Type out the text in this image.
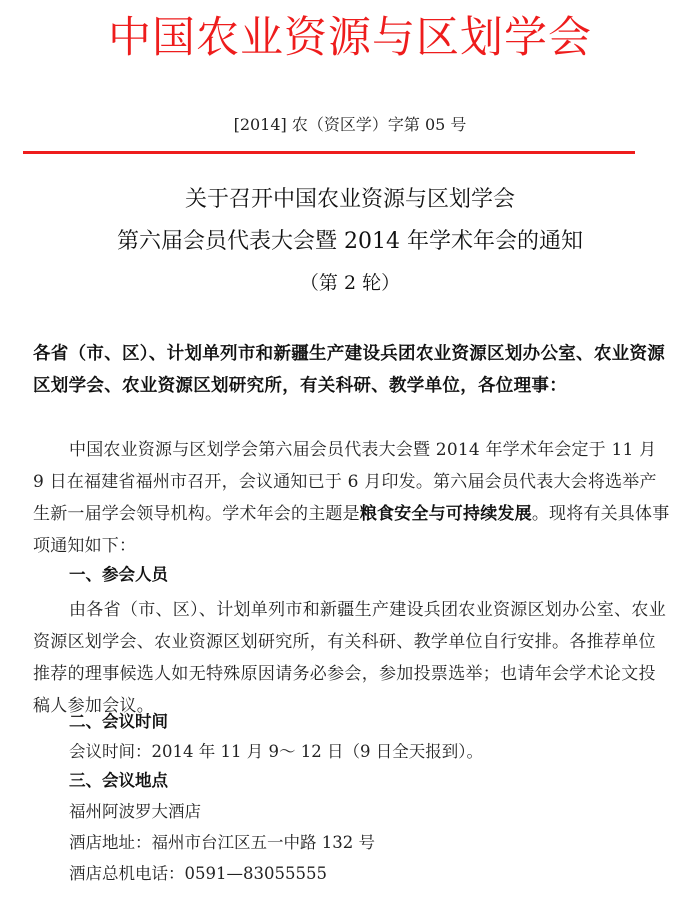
中国农业资源与区划学会
[2014] 农（资区学）字第 05 号
关于召开中国农业资源与区划学会
第六届会员代表大会暨 2014 年学术年会的通知
（第 2 轮）
各省（市、区）、计划单列市和新疆生产建设兵团农业资源区划办公室、农业资源区划学会、农业资源区划研究所，有关科研、教学单位，各位理事：
中国农业资源与区划学会第六届会员代表大会暨 2014 年学术年会定于 11 月 9 日在福建省福州市召开，会议通知已于 6 月印发。第六届会员代表大会将选举产生新一届学会领导机构。学术年会的主题是粮食安全与可持续发展。现将有关具体事项通知如下：
一、参会人员
由各省（市、区）、计划单列市和新疆生产建设兵团农业资源区划办公室、农业资源区划学会、农业资源区划研究所，有关科研、教学单位自行安排。各推荐单位推荐的理事候选人如无特殊原因请务必参会，参加投票选举；也请年会学术论文投稿人参加会议。
二、会议时间
会议时间：2014 年 11 月 9～ 12 日（9 日全天报到）。
三、会议地点
福州阿波罗大酒店
酒店地址：福州市台江区五一中路 132 号
酒店总机电话：0591—83055555
